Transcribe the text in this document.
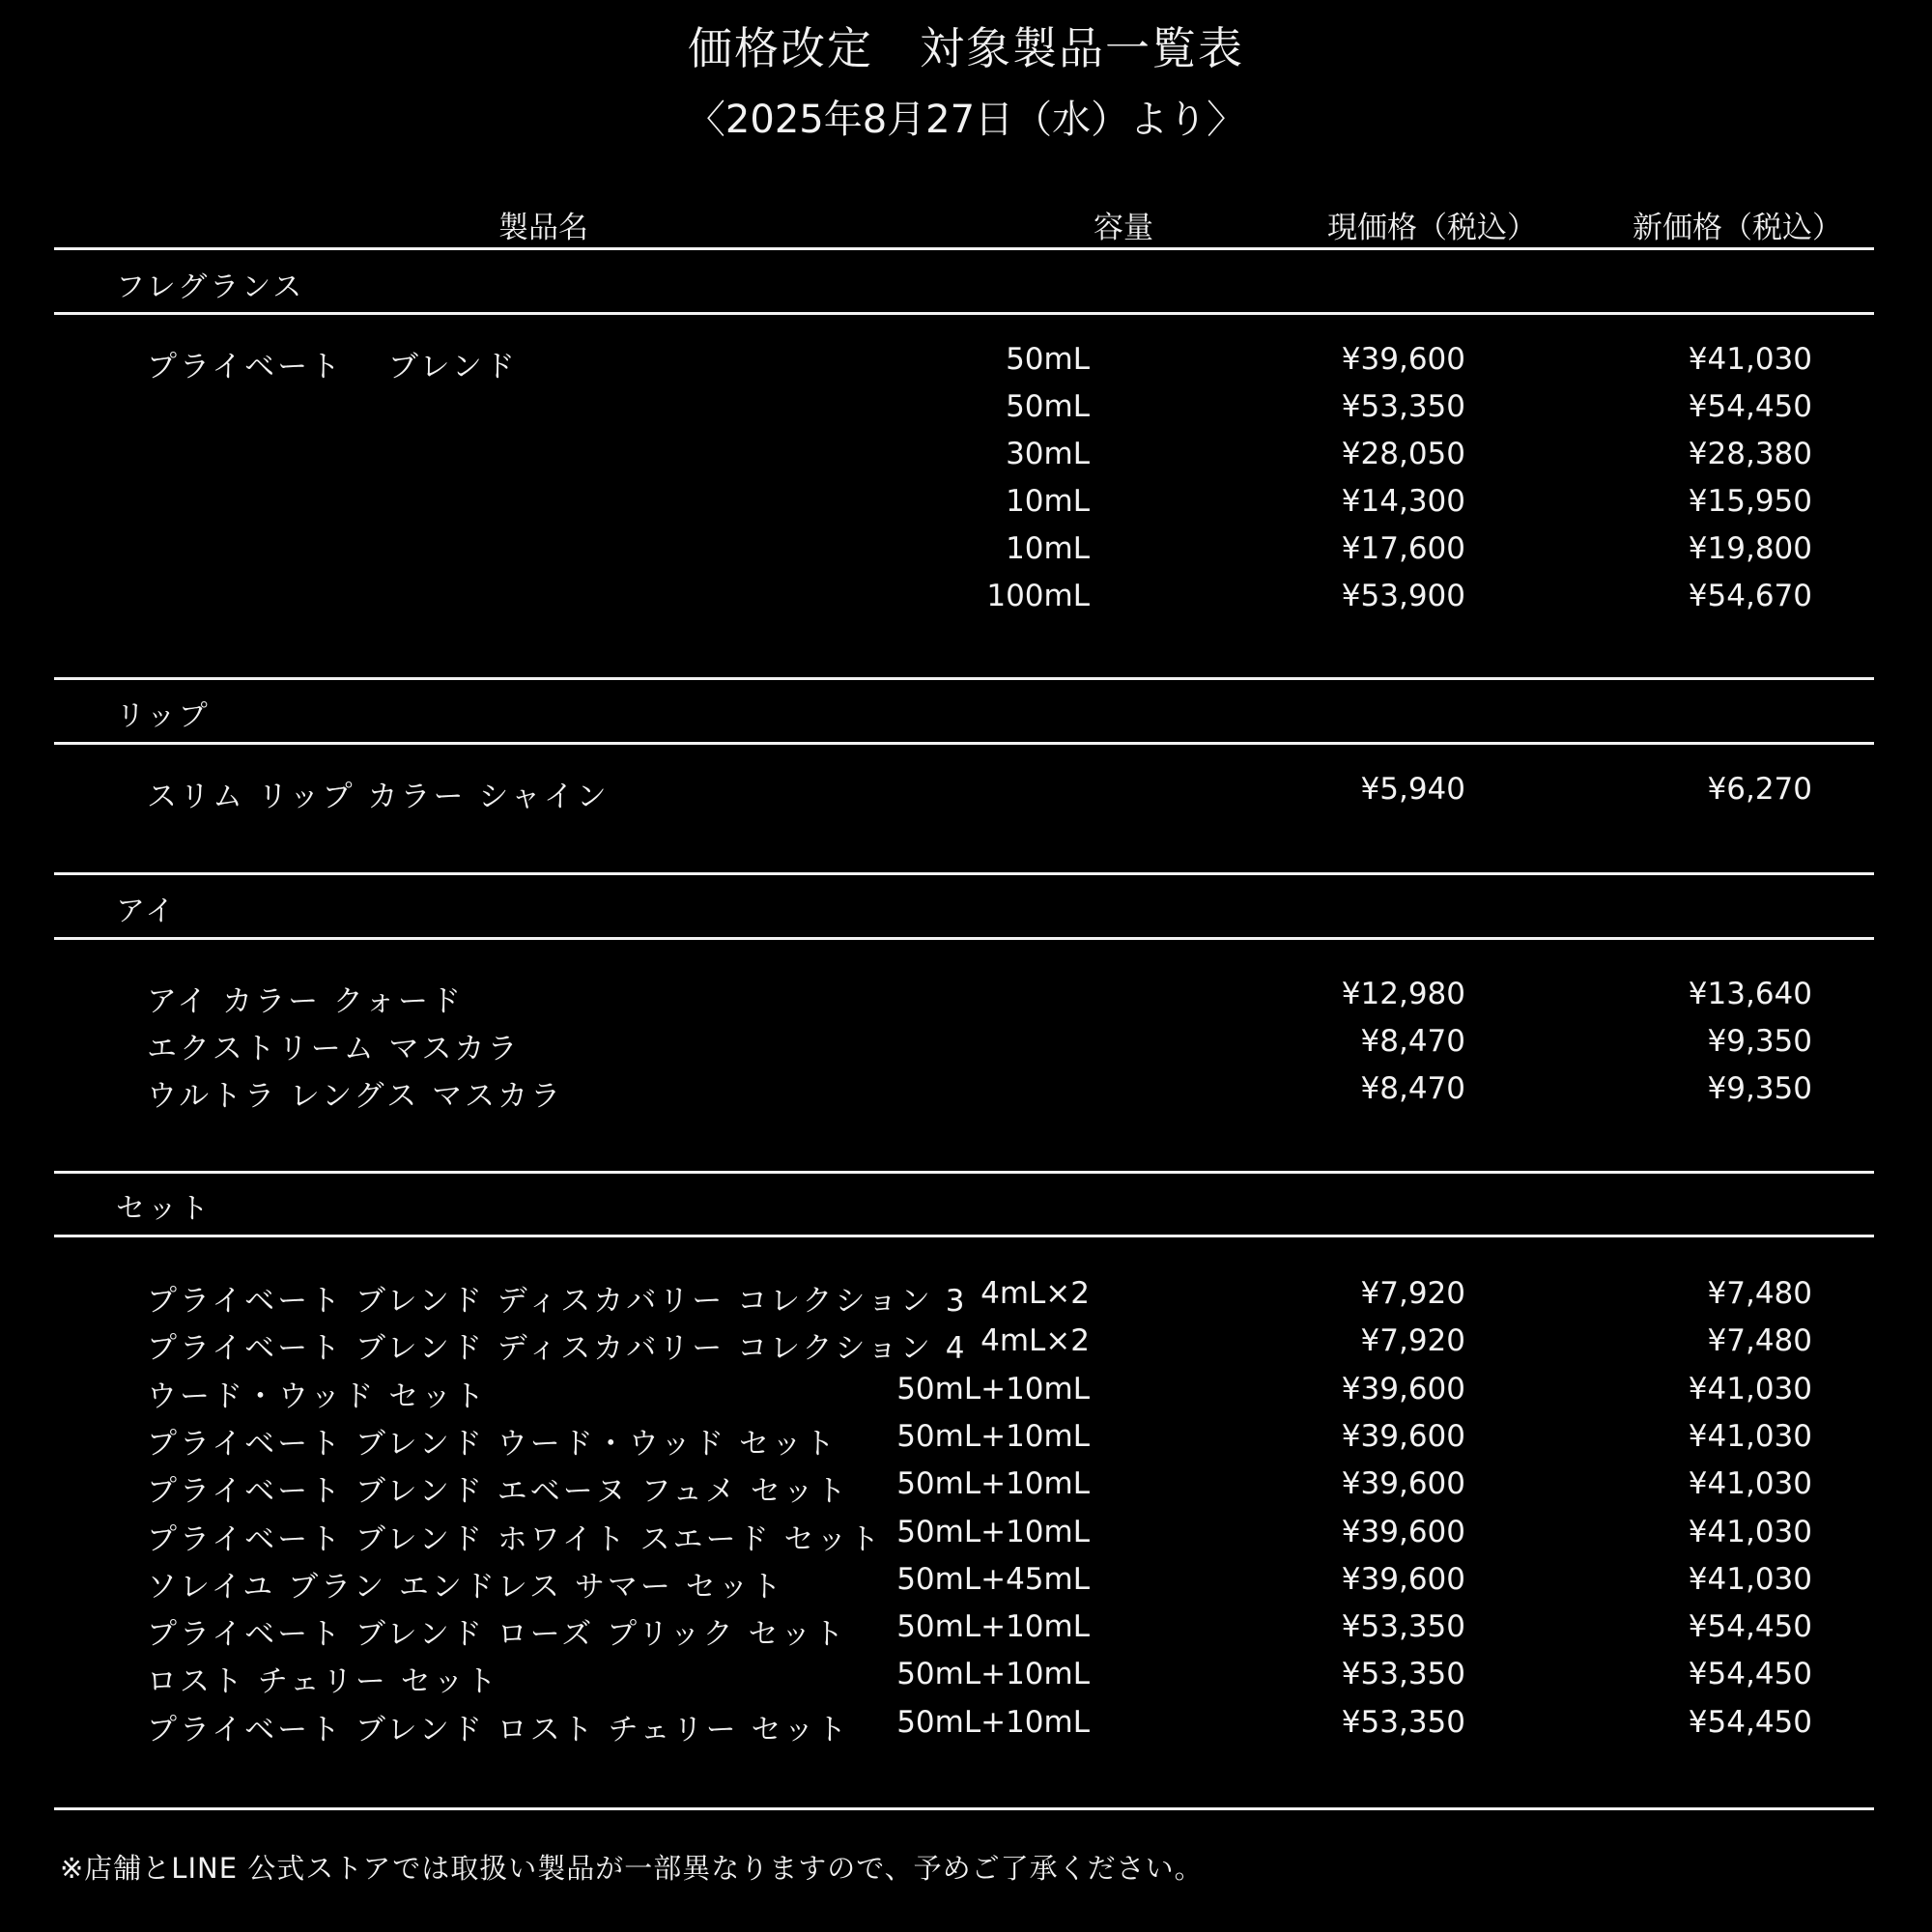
価格改定　対象製品一覧表
〈2025年8月27日（水）より〉
製品名	容量	現価格（税込）	新価格（税込）
フレグランス
プライベート　 ブレンド	50mL	¥39,600	¥41,030
50mL	¥53,350	¥54,450
30mL	¥28,050	¥28,380
10mL	¥14,300	¥15,950
10mL	¥17,600	¥19,800
100mL	¥53,900	¥54,670
リップ
スリム リップ カラー シャイン	¥5,940	¥6,270
アイ
アイ カラー クォード	¥12,980	¥13,640
エクストリーム マスカラ	¥8,470	¥9,350
ウルトラ レングス マスカラ	¥8,470	¥9,350
セット
プライベート ブレンド ディスカバリー コレクション 3 4mL×2	¥7,920	¥7,480
プライベート ブレンド ディスカバリー コレクション 4 4mL×2	¥7,920	¥7,480
ウード・ウッド セット	50mL+10mL	¥39,600	¥41,030
プライベート ブレンド ウード・ウッド セット 50mL+10mL	¥39,600	¥41,030
プライベート ブレンド エベーヌ フュメ セット 50mL+10mL	¥39,600	¥41,030
プライベート ブレンド ホワイト スエード セット 50mL+10mL	¥39,600	¥41,030
ソレイユ ブラン エンドレス サマー セット	50mL+45mL	¥39,600	¥41,030
プライベート ブレンド ローズ プリック セット 50mL+10mL	¥53,350	¥54,450
ロスト チェリー セット	50mL+10mL	¥53,350	¥54,450
プライベート ブレンド ロスト チェリー セット 50mL+10mL	¥53,350	¥54,450
※店舗とLINE 公式ストアでは取扱い製品が一部異なりますので、予めご了承ください。
